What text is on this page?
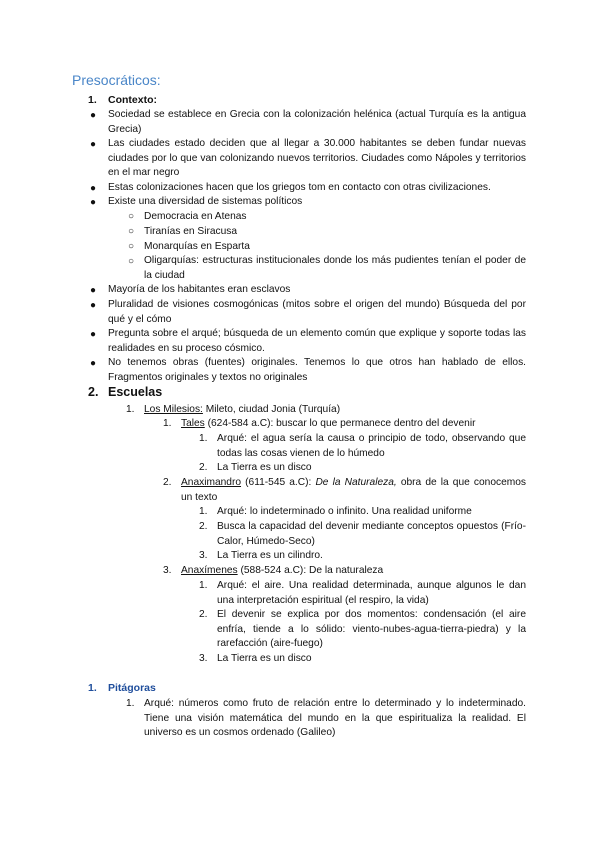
Presocráticos:
1. Contexto:
● Sociedad se establece en Grecia con la colonización helénica (actual Turquía es la antigua Grecia)
● Las ciudades estado deciden que al llegar a 30.000 habitantes se deben fundar nuevas ciudades por lo que van colonizando nuevos territorios. Ciudades como Nápoles y territorios en el mar negro
● Estas colonizaciones hacen que los griegos tom en contacto con otras civilizaciones.
● Existe una diversidad de sistemas políticos
○ Democracia en Atenas
○ Tiranías en Siracusa
○ Monarquías en Esparta
○ Oligarquías: estructuras institucionales donde los más pudientes tenían el poder de la ciudad
● Mayoría de los habitantes eran esclavos
● Pluralidad de visiones cosmogónicas (mitos sobre el origen del mundo) Búsqueda del por qué y el cómo
● Pregunta sobre el arqué; búsqueda de un elemento común que explique y soporte todas las realidades en su proceso cósmico.
● No tenemos obras (fuentes) originales. Tenemos lo que otros han hablado de ellos. Fragmentos originales y textos no originales
2. Escuelas
1. Los Milesios: Mileto, ciudad Jonia (Turquía)
1. Tales (624-584 a.C): buscar lo que permanece dentro del devenir
1. Arqué: el agua sería la causa o principio de todo, observando que todas las cosas vienen de lo húmedo
2. La Tierra es un disco
2. Anaximandro (611-545 a.C): De la Naturaleza, obra de la que conocemos un texto
1. Arqué: lo indeterminado o infinito. Una realidad uniforme
2. Busca la capacidad del devenir mediante conceptos opuestos (Frío-Calor, Húmedo-Seco)
3. La Tierra es un cilindro.
3. Anaxímenes (588-524 a.C): De la naturaleza
1. Arqué: el aire. Una realidad determinada, aunque algunos le dan una interpretación espiritual (el respiro, la vida)
2. El devenir se explica por dos momentos: condensación (el aire enfría, tiende a lo sólido: viento-nubes-agua-tierra-piedra) y la rarefacción (aire-fuego)
3. La Tierra es un disco
1. Pitágoras
1. Arqué: números como fruto de relación entre lo determinado y lo indeterminado. Tiene una visión matemática del mundo en la que espiritualiza la realidad. El universo es un cosmos ordenado (Galileo)
